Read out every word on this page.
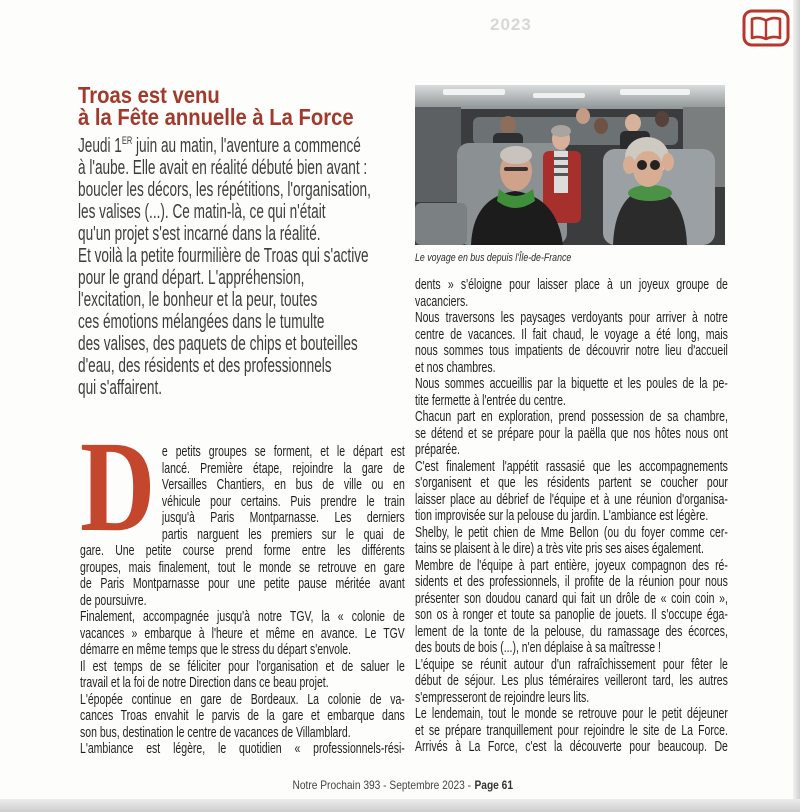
2023
Troas est venu
à la Fête annuelle à La Force
Jeudi 1ER juin au matin, l'aventure a commencé
à l'aube. Elle avait en réalité débuté bien avant :
boucler les décors, les répétitions, l'organisation,
les valises (...). Ce matin-là, ce qui n'était
qu'un projet s'est incarné dans la réalité.
Et voilà la petite fourmilière de Troas qui s'active
pour le grand départ. L'appréhension,
l'excitation, le bonheur et la peur, toutes
ces émotions mélangées dans le tumulte
des valises, des paquets de chips et bouteilles
d'eau, des résidents et des professionnels
qui s'affairent.
Le voyage en bus depuis l'Île-de-France
D e petits groupes se forment, et le départ est
lancé. Première étape, rejoindre la gare de
Versailles Chantiers, en bus de ville ou en
véhicule pour certains. Puis prendre le train
jusqu'à Paris Montparnasse. Les derniers
partis narguent les premiers sur le quai de
gare. Une petite course prend forme entre les différents
groupes, mais finalement, tout le monde se retrouve en gare
de Paris Montparnasse pour une petite pause méritée avant
de poursuivre.
Finalement, accompagnée jusqu'à notre TGV, la « colonie de
vacances » embarque à l'heure et même en avance. Le TGV
démarre en même temps que le stress du départ s'envole.
Il est temps de se féliciter pour l'organisation et de saluer le
travail et la foi de notre Direction dans ce beau projet.
L'épopée continue en gare de Bordeaux. La colonie de va-
cances Troas envahit le parvis de la gare et embarque dans
son bus, destination le centre de vacances de Villamblard.
L'ambiance est légère, le quotidien « professionnels-rési-
dents » s'éloigne pour laisser place à un joyeux groupe de
vacanciers.
Nous traversons les paysages verdoyants pour arriver à notre
centre de vacances. Il fait chaud, le voyage a été long, mais
nous sommes tous impatients de découvrir notre lieu d'accueil
et nos chambres.
Nous sommes accueillis par la biquette et les poules de la pe-
tite fermette à l'entrée du centre.
Chacun part en exploration, prend possession de sa chambre,
se détend et se prépare pour la paëlla que nos hôtes nous ont
préparée.
C'est finalement l'appétit rassasié que les accompagnements
s'organisent et que les résidents partent se coucher pour
laisser place au débrief de l'équipe et à une réunion d'organisa-
tion improvisée sur la pelouse du jardin. L'ambiance est légère.
Shelby, le petit chien de Mme Bellon (ou du foyer comme cer-
tains se plaisent à le dire) a très vite pris ses aises également.
Membre de l'équipe à part entière, joyeux compagnon des ré-
sidents et des professionnels, il profite de la réunion pour nous
présenter son doudou canard qui fait un drôle de « coin coin »,
son os à ronger et toute sa panoplie de jouets. Il s'occupe éga-
lement de la tonte de la pelouse, du ramassage des écorces,
des bouts de bois (...), n'en déplaise à sa maîtresse !
L'équipe se réunit autour d'un rafraîchissement pour fêter le
début de séjour. Les plus téméraires veilleront tard, les autres
s'empresseront de rejoindre leurs lits.
Le lendemain, tout le monde se retrouve pour le petit déjeuner
et se prépare tranquillement pour rejoindre le site de La Force.
Arrivés à La Force, c'est la découverte pour beaucoup. De
Notre Prochain 393 - Septembre 2023 - Page 61
